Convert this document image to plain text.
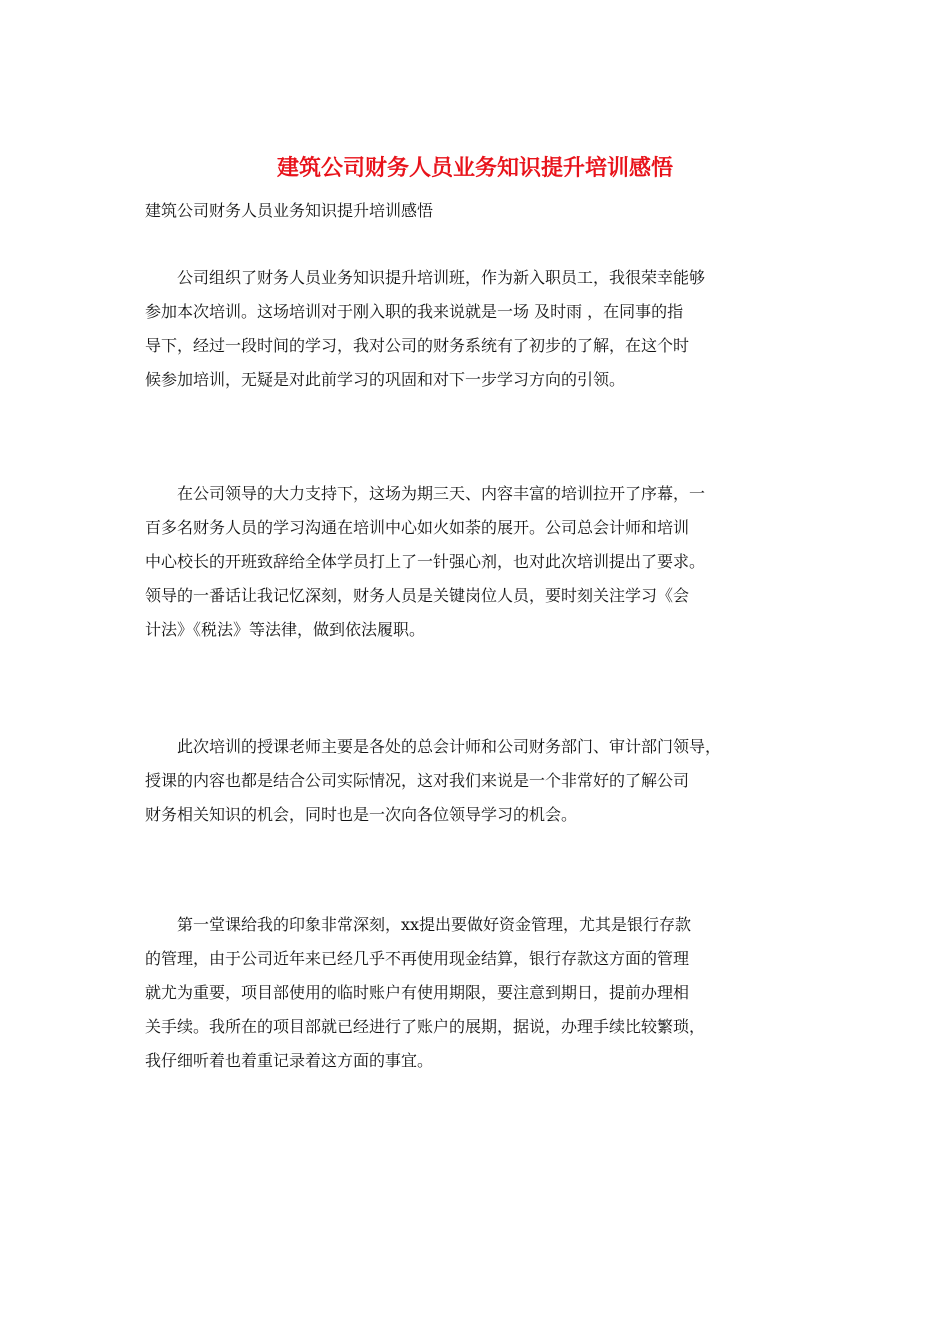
建筑公司财务人员业务知识提升培训感悟

建筑公司财务人员业务知识提升培训感悟

公司组织了财务人员业务知识提升培训班，作为新入职员工，我很荣幸能够
参加本次培训。这场培训对于刚入职的我来说就是一场 及时雨 ，在同事的指
导下，经过一段时间的学习，我对公司的财务系统有了初步的了解，在这个时
候参加培训，无疑是对此前学习的巩固和对下一步学习方向的引领。
在公司领导的大力支持下，这场为期三天、内容丰富的培训拉开了序幕，一
百多名财务人员的学习沟通在培训中心如火如荼的展开。公司总会计师和培训
中心校长的开班致辞给全体学员打上了一针强心剂，也对此次培训提出了要求。
领导的一番话让我记忆深刻，财务人员是关键岗位人员，要时刻关注学习《会
计法》《税法》等法律，做到依法履职。
此次培训的授课老师主要是各处的总会计师和公司财务部门、审计部门领导，
授课的内容也都是结合公司实际情况，这对我们来说是一个非常好的了解公司
财务相关知识的机会，同时也是一次向各位领导学习的机会。
第一堂课给我的印象非常深刻，xx提出要做好资金管理，尤其是银行存款
的管理，由于公司近年来已经几乎不再使用现金结算，银行存款这方面的管理
就尤为重要，项目部使用的临时账户有使用期限，要注意到期日，提前办理相
关手续。我所在的项目部就已经进行了账户的展期，据说，办理手续比较繁琐，
我仔细听着也着重记录着这方面的事宜。
